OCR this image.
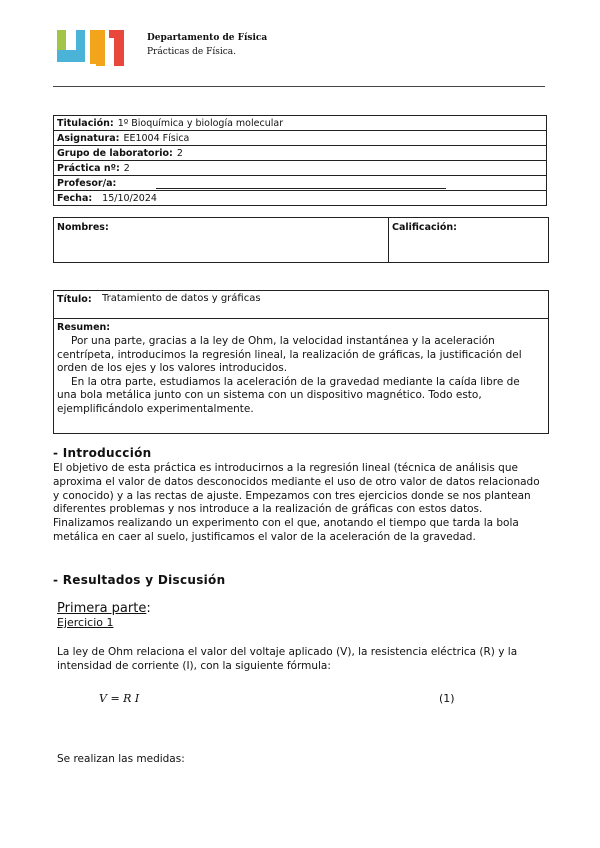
Departamento de Física
Prácticas de Física.
Titulación: 1º Bioquímica y biología molecular
Asignatura: EE1004 Física
Grupo de laboratorio: 2
Práctica nº: 2
Profesor/a:
Fecha: 15/10/2024
Nombres:	Calificación:
Título: Tratamiento de datos y gráficas
Resumen:

Por una parte, gracias a la ley de Ohm, la velocidad instantánea y la aceleración centrípeta, introducimos la regresión lineal, la realización de gráficas, la justificación del orden de los ejes y los valores introducidos.

En la otra parte, estudiamos la aceleración de la gravedad mediante la caída libre de una bola metálica junto con un sistema con un dispositivo magnético. Todo esto, ejemplificándolo experimentalmente.

- Introducción
El objetivo de esta práctica es introducirnos a la regresión lineal (técnica de análisis que aproxima el valor de datos desconocidos mediante el uso de otro valor de datos relacionado y conocido) y a las rectas de ajuste. Empezamos con tres ejercicios donde se nos plantean diferentes problemas y nos introduce a la realización de gráficas con estos datos. Finalizamos realizando un experimento con el que, anotando el tiempo que tarda la bola metálica en caer al suelo, justificamos el valor de la aceleración de la gravedad.
- Resultados y Discusión
Primera parte:
Ejercicio 1
La ley de Ohm relaciona el valor del voltaje aplicado (V), la resistencia eléctrica (R) y la intensidad de corriente (I), con la siguiente fórmula:
V = R I	(1)
Se realizan las medidas:
